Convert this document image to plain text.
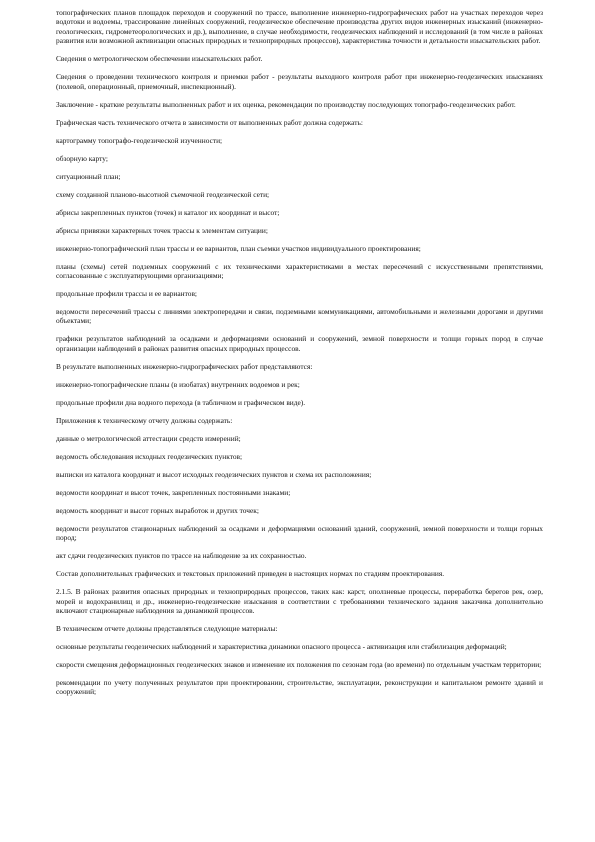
топографических планов площадок переходов и сооружений по трассе, выполнение инженерно-гидрографических работ на участках переходов через водотоки и водоемы, трассирование линейных сооружений, геодезическое обеспечение производства других видов инженерных изысканий (инженерно-геологических, гидрометеорологических и др.), выполнение, в случае необходимости, геодезических наблюдений и исследований (в том числе в районах развития или возможной активизации опасных природных и техноприродных процессов), характеристика точности и детальности изыскательских работ.

Сведения о метрологическом обеспечении изыскательских работ.

Сведения о проведении технического контроля и приемки работ - результаты выходного контроля работ при инженерно-геодезических изысканиях (полевой, операционный, приемочный, инспекционный).

Заключение - краткие результаты выполненных работ и их оценка, рекомендации по производству последующих топографо-геодезических работ.

Графическая часть технического отчета в зависимости от выполненных работ должна содержать:

картограмму топографо-геодезической изученности;

обзорную карту;

ситуационный план;

схему созданной планово-высотной съемочной геодезической сети;

абрисы закрепленных пунктов (точек) и каталог их координат и высот;

абрисы привязки характерных точек трассы к элементам ситуации;

инженерно-топографический план трассы и ее вариантов, план съемки участков индивидуального проектирования;

планы (схемы) сетей подземных сооружений с их техническими характеристиками в местах пересечений с искусственными препятствиями, согласованные с эксплуатирующими организациями;

продольные профили трассы и ее вариантов;

ведомости пересечений трассы с линиями электропередачи и связи, подземными коммуникациями, автомобильными и железными дорогами и другими объектами;

графики результатов наблюдений за осадками и деформациями оснований и сооружений, земной поверхности и толщи горных пород в случае организации наблюдений в районах развития опасных природных процессов.

В результате выполненных инженерно-гидрографических работ представляются:

инженерно-топографические планы (в изобатах) внутренних водоемов и рек;

продольные профили дна водного перехода (в табличном и графическом виде).

Приложения к техническому отчету должны содержать:

данные о метрологической аттестации средств измерений;

ведомость обследования исходных геодезических пунктов;

выписки из каталога координат и высот исходных геодезических пунктов и схема их расположения;

ведомости координат и высот точек, закрепленных постоянными знаками;

ведомость координат и высот горных выработок и других точек;

ведомости результатов стационарных наблюдений за осадками и деформациями оснований зданий, сооружений, земной поверхности и толщи горных пород;

акт сдачи геодезических пунктов по трассе на наблюдение за их сохранностью.

Состав дополнительных графических и текстовых приложений приведен в настоящих нормах по стадиям проектирования.

2.1.5. В районах развития опасных природных и техноприродных процессов, таких как: карст, оползневые процессы, переработка берегов рек, озер, морей и водохранилищ и др., инженерно-геодезические изыскания в соответствии с требованиями технического задания заказчика дополнительно включают стационарные наблюдения за динамикой процессов.

В техническом отчете должны представляться следующие материалы:

основные результаты геодезических наблюдений и характеристика динамики опасного процесса - активизация или стабилизация деформаций;

скорости смещения деформационных геодезических знаков и изменение их положения по сезонам года (во времени) по отдельным участкам территории;

рекомендации по учету полученных результатов при проектировании, строительстве, эксплуатации, реконструкции и капитальном ремонте зданий и сооружений;
